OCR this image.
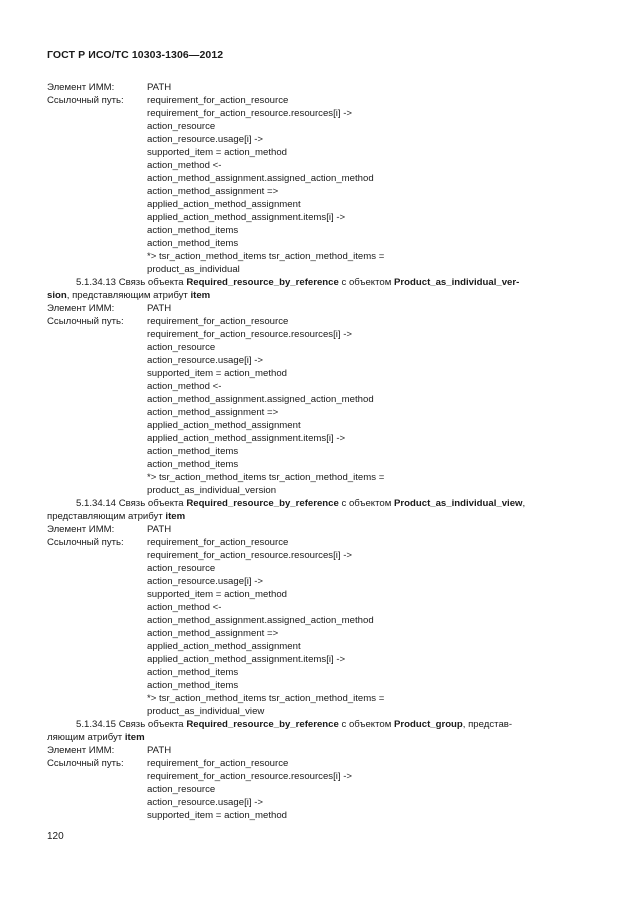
ГОСТ Р ИСО/ТС 10303-1306—2012
Элемент ИММ:	PATH
Ссылочный путь:	requirement_for_action_resource
requirement_for_action_resource.resources[i] ->
action_resource
action_resource.usage[i] ->
supported_item = action_method
action_method <-
action_method_assignment.assigned_action_method
action_method_assignment =>
applied_action_method_assignment
applied_action_method_assignment.items[i] ->
action_method_items
action_method_items
*> tsr_action_method_items tsr_action_method_items =
product_as_individual
5.1.34.13 Связь объекта Required_resource_by_reference с объектом Product_as_individual_ver-
sion, представляющим атрибут item
Элемент ИММ:	PATH
Ссылочный путь:	requirement_for_action_resource
requirement_for_action_resource.resources[i] ->
action_resource
action_resource.usage[i] ->
supported_item = action_method
action_method <-
action_method_assignment.assigned_action_method
action_method_assignment =>
applied_action_method_assignment
applied_action_method_assignment.items[i] ->
action_method_items
action_method_items
*> tsr_action_method_items tsr_action_method_items =
product_as_individual_version
5.1.34.14 Связь объекта Required_resource_by_reference с объектом Product_as_individual_view,
представляющим атрибут item
Элемент ИММ:	PATH
Ссылочный путь:	requirement_for_action_resource
requirement_for_action_resource.resources[i] ->
action_resource
action_resource.usage[i] ->
supported_item = action_method
action_method <-
action_method_assignment.assigned_action_method
action_method_assignment =>
applied_action_method_assignment
applied_action_method_assignment.items[i] ->
action_method_items
action_method_items
*> tsr_action_method_items tsr_action_method_items =
product_as_individual_view
5.1.34.15 Связь объекта Required_resource_by_reference с объектом Product_group, представ-
ляющим атрибут item
Элемент ИММ:	PATH
Ссылочный путь:	requirement_for_action_resource
requirement_for_action_resource.resources[i] ->
action_resource
action_resource.usage[i] ->
supported_item = action_method
120
